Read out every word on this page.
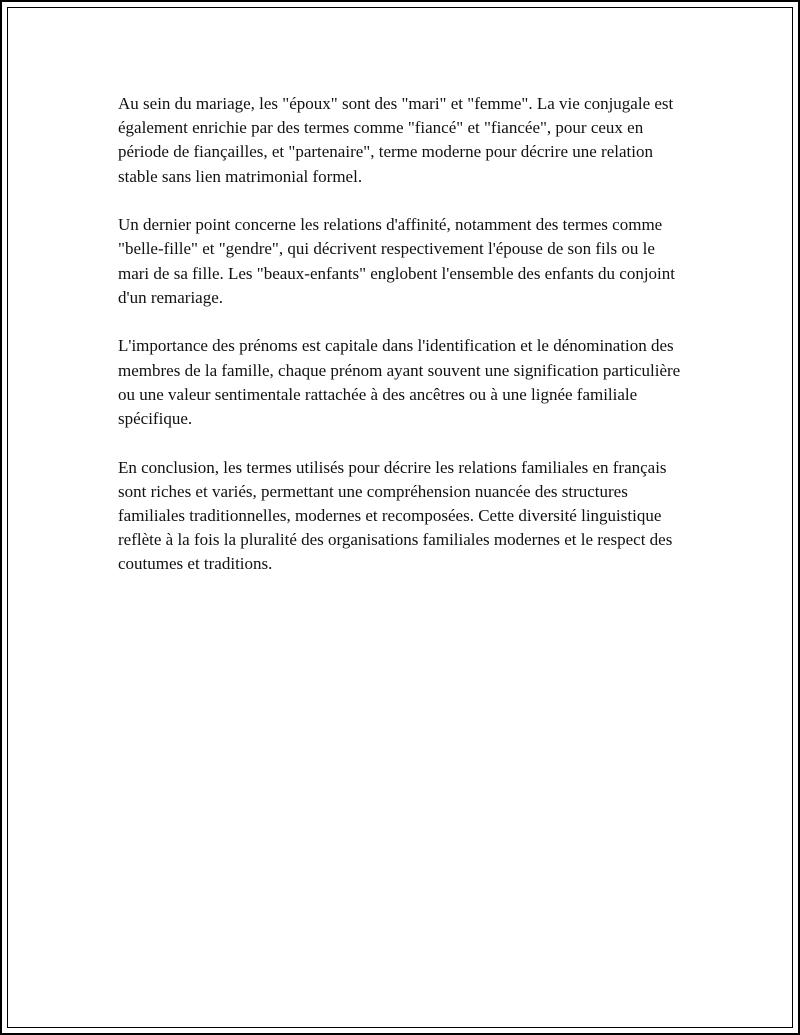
Au sein du mariage, les "époux" sont des "mari" et "femme". La vie conjugale est également enrichie par des termes comme "fiancé" et "fiancée", pour ceux en période de fiançailles, et "partenaire", terme moderne pour décrire une relation stable sans lien matrimonial formel.

Un dernier point concerne les relations d'affinité, notamment des termes comme "belle-fille" et "gendre", qui décrivent respectivement l'épouse de son fils ou le mari de sa fille. Les "beaux-enfants" englobent l'ensemble des enfants du conjoint d'un remariage.

L'importance des prénoms est capitale dans l'identification et le dénomination des membres de la famille, chaque prénom ayant souvent une signification particulière ou une valeur sentimentale rattachée à des ancêtres ou à une lignée familiale spécifique.

En conclusion, les termes utilisés pour décrire les relations familiales en français sont riches et variés, permettant une compréhension nuancée des structures familiales traditionnelles, modernes et recomposées. Cette diversité linguistique reflète à la fois la pluralité des organisations familiales modernes et le respect des coutumes et traditions.
